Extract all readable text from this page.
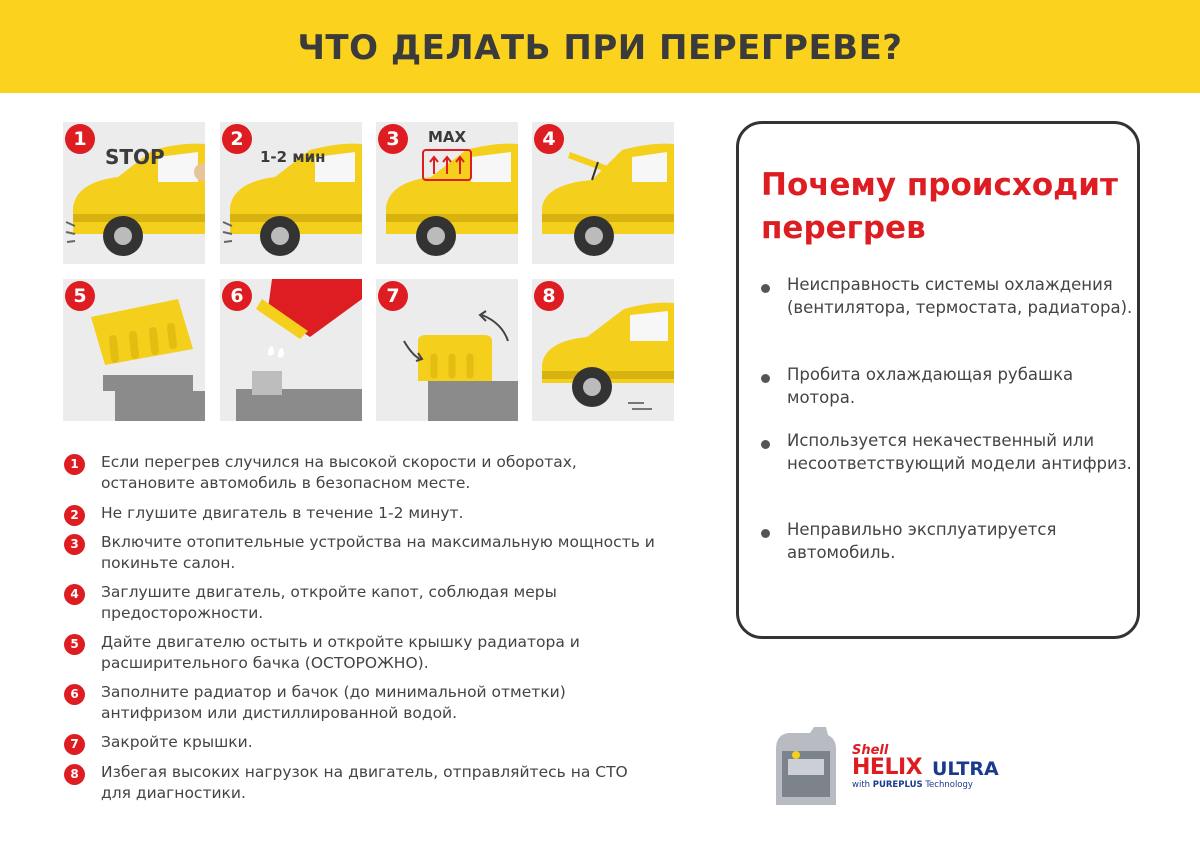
ЧТО ДЕЛАТЬ ПРИ ПЕРЕГРЕВЕ?
1
STOP
2
1-2 мин
3	MAX	4
5	6	7	8
1	Если перегрев случился на высокой скорости и оборотах, остановите автомобиль в безопасном месте.
2	Не глушите двигатель в течение 1-2 минут.
3	Включите отопительные устройства на максимальную мощность и покиньте салон.
4	Заглушите двигатель, откройте капот, соблюдая меры предосторожности.
5	Дайте двигателю остыть и откройте крышку радиатора и расширительного бачка (ОСТОРОЖНО).
6	Заполните радиатор и бачок (до минимальной отметки) антифризом или дистиллированной водой.
7	Закройте крышки.
8	Избегая высоких нагрузок на двигатель, отправляйтесь на СТО для диагностики.
Почему происходит перегрев
Неисправность системы охлаждения (вентилятора, термостата, радиатора).
Пробита охлаждающая рубашка мотора.
Используется некачественный или несоответствующий модели антифриз.
Неправильно эксплуатируется автомобиль.
Shell
HELIX ULTRA
with PUREPLUS Technology
